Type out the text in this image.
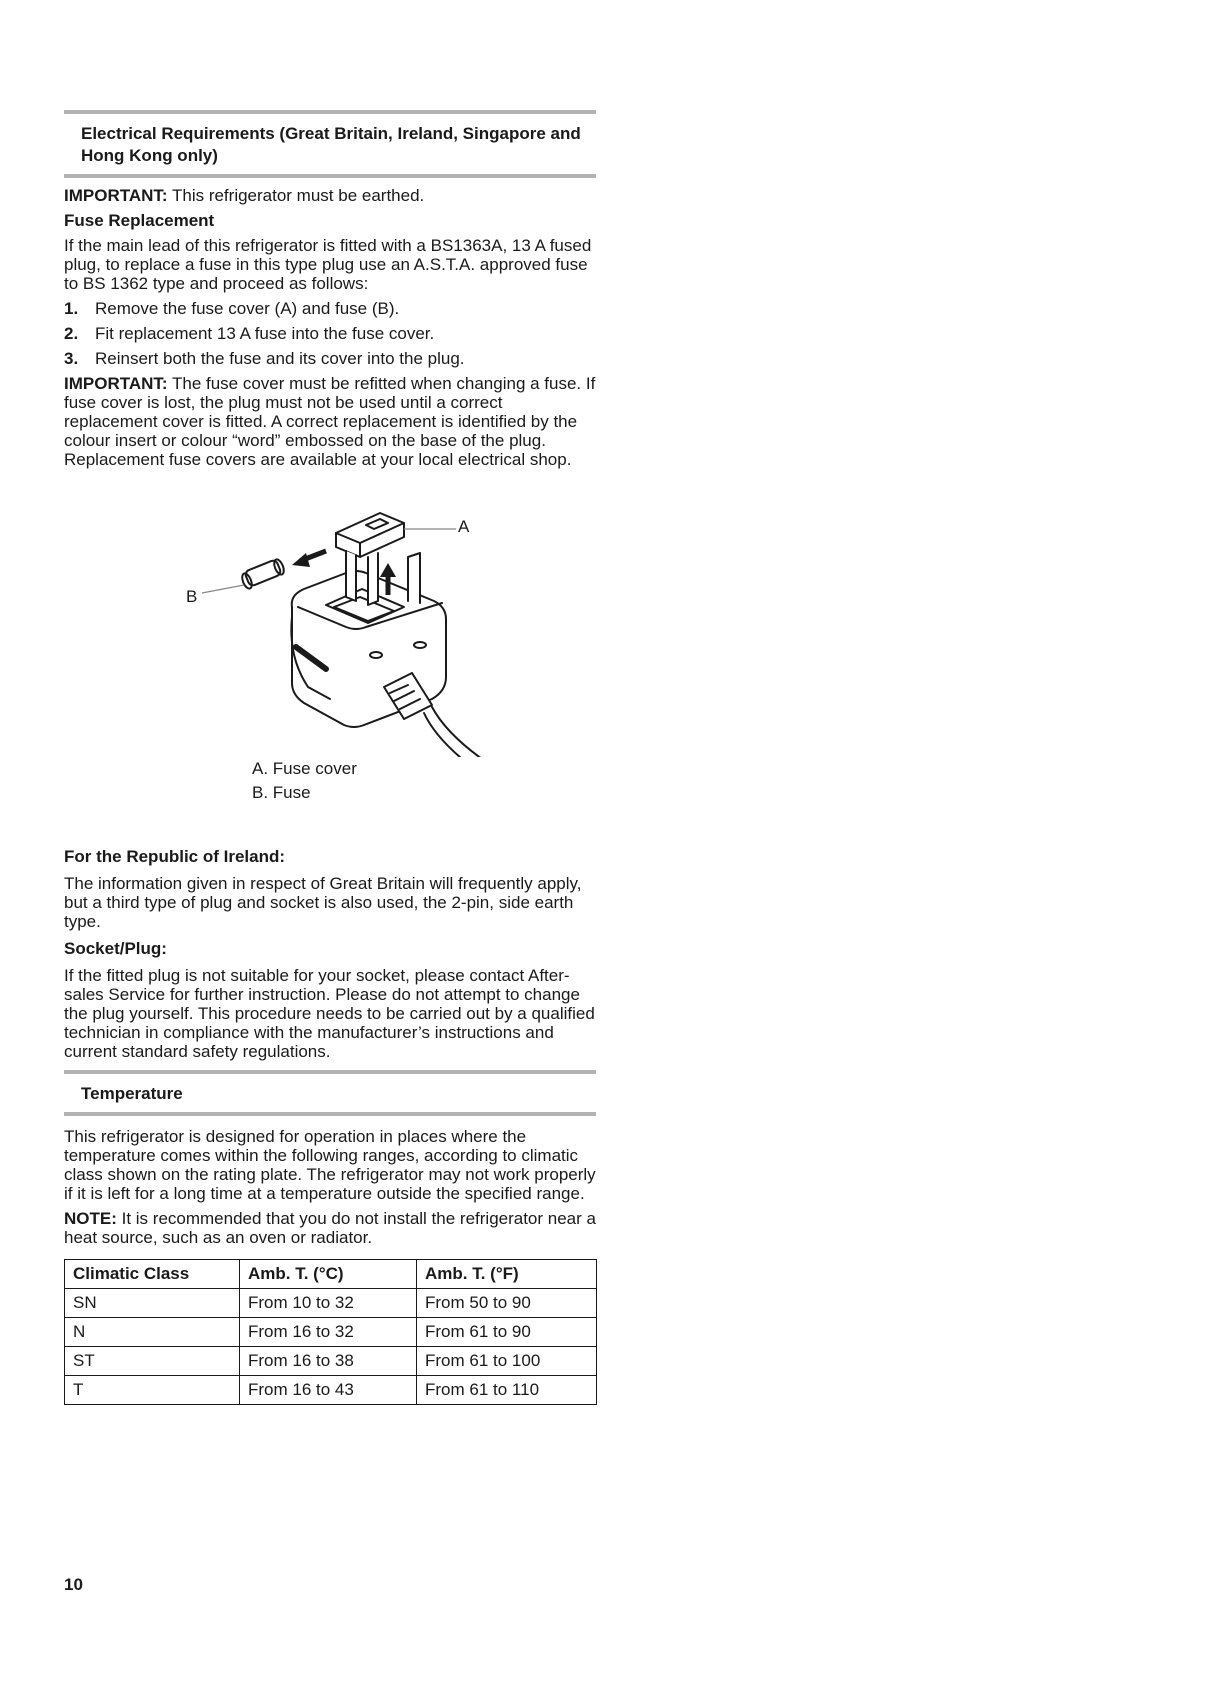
Electrical Requirements (Great Britain, Ireland, Singapore and Hong Kong only)

IMPORTANT: This refrigerator must be earthed.

Fuse Replacement

If the main lead of this refrigerator is fitted with a BS1363A, 13 A fused plug, to replace a fuse in this type plug use an A.S.T.A. approved fuse to BS 1362 type and proceed as follows:

1. Remove the fuse cover (A) and fuse (B).
2. Fit replacement 13 A fuse into the fuse cover.
3. Reinsert both the fuse and its cover into the plug.

IMPORTANT: The fuse cover must be refitted when changing a fuse. If fuse cover is lost, the plug must not be used until a correct replacement cover is fitted. A correct replacement is identified by the colour insert or colour “word” embossed on the base of the plug. Replacement fuse covers are available at your local electrical shop.

A
B

A. Fuse cover

B. Fuse

For the Republic of Ireland:

The information given in respect of Great Britain will frequently apply, but a third type of plug and socket is also used, the 2-pin, side earth type.

Socket/Plug:

If the fitted plug is not suitable for your socket, please contact After-sales Service for further instruction. Please do not attempt to change the plug yourself. This procedure needs to be carried out by a qualified technician in compliance with the manufacturer’s instructions and current standard safety regulations.

Temperature

This refrigerator is designed for operation in places where the temperature comes within the following ranges, according to climatic class shown on the rating plate. The refrigerator may not work properly if it is left for a long time at a temperature outside the specified range.

NOTE: It is recommended that you do not install the refrigerator near a heat source, such as an oven or radiator.

Climatic Class	Amb. T. (°C)	Amb. T. (°F)
SN	From 10 to 32	From 50 to 90
N	From 16 to 32	From 61 to 90
ST	From 16 to 38	From 61 to 100
T	From 16 to 43	From 61 to 110
10
